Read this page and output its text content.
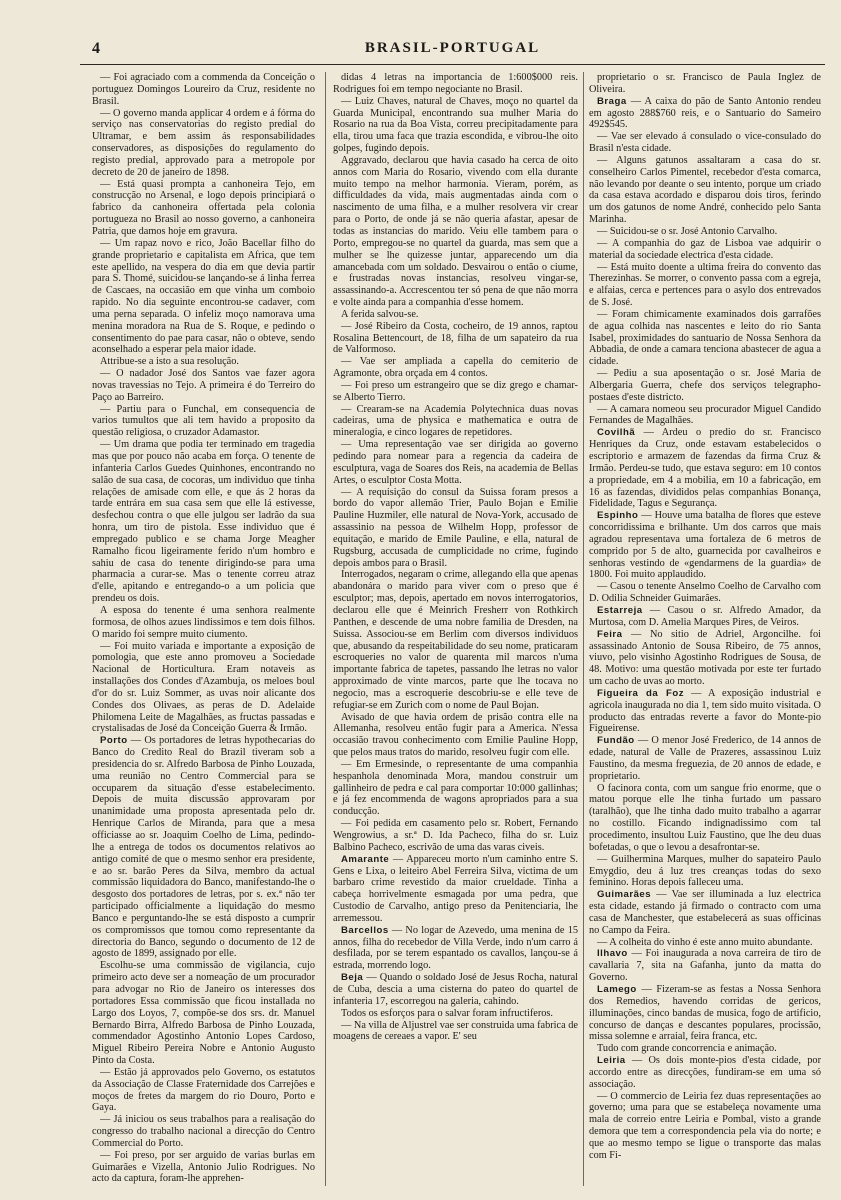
4	BRASIL-PORTUGAL

— Foi agraciado com a commenda da Conceição o portuguez Domingos Loureiro da Cruz, residente no Brasil.

— O governo manda applicar 4 ordem e á fórma do serviço nas conservatorias do registo predial do Ultramar, e bem assim ás responsabilidades conservadores, as disposições do regulamento do registo predial, approvado para a metropole por decreto de 20 de janeiro de 1898.

— Está quasi prompta a canhoneira Tejo, em construcção no Arsenal, e logo depois principiará o fabrico da canhoneira offertada pela colonia portugueza no Brasil ao nosso governo, a canhoneira Patria, que damos hoje em gravura.

— Um rapaz novo e rico, João Bacellar filho do grande proprietario e capitalista em Africa, que tem este apellido, na vespera do dia em que devia partir para S. Thomé, suicidou-se lançando-se á linha ferrea de Cascaes, na occasião em que vinha um comboio rapido. No dia seguinte encontrou-se cadaver, com uma perna separada. O infeliz moço namorava uma menina moradora na Rua de S. Roque, e pedindo o consentimento do pae para casar, não o obteve, sendo aconselhado a esperar pela maior idade.

Attribue-se a isto a sua resolução.

— O nadador José dos Santos vae fazer agora novas travessias no Tejo. A primeira é do Terreiro do Paço ao Barreiro.

— Partiu para o Funchal, em consequencia de varios tumultos que ali tem havido a proposito da questão religiosa, o cruzador Adamastor.

— Um drama que podia ter terminado em tragedia mas que por pouco não acaba em força. O tenente de infanteria Carlos Guedes Quinhones, encontrando no salão de sua casa, de cocoras, um individuo que tinha relações de amisade com elle, e que ás 2 horas da tarde entrára em sua casa sem que elle lá estivesse, desfechou contra o que elle julgou ser ladrão da sua honra, um tiro de pistola. Esse individuo que é empregado publico e se chama Jorge Meagher Ramalho ficou ligeiramente ferido n'um hombro e sahiu de casa do tenente dirigindo-se para uma pharmacia a curar-se. Mas o tenente correu atraz d'elle, apitando e entregando-o a um policia que prendeu os dois.

A esposa do tenente é uma senhora realmente formosa, de olhos azues lindissimos e tem dois filhos. O marido foi sempre muito ciumento.

— Foi muito variada e importante a exposição de pomologia, que este anno promoveu a Sociedade Nacional de Horticultura. Eram notaveis as installações dos Condes d'Azambuja, os meloes boul d'or do sr. Luiz Sommer, as uvas noir alicante dos Condes dos Olivaes, as peras de D. Adelaide Philomena Leite de Magalhães, as fructas passadas e crystalisadas de José da Conceição Guerra & Irmão.

Porto — Os portadores de letras hypothecarias do Banco do Credito Real do Brazil tiveram sob a presidencia do sr. Alfredo Barbosa de Pinho Louzada, uma reunião no Centro Commercial para se occuparem da situação d'esse estabelecimento. Depois de muita discussão approvaram por unanimidade uma proposta apresentada pelo dr. Henrique Carlos de Miranda, para que a mesa officiasse ao sr. Joaquim Coelho de Lima, pedindo-lhe a entrega de todos os documentos relativos ao antigo comité de que o mesmo senhor era presidente, e ao sr. barão Peres da Silva, membro da actual commissão liquidadora do Banco, manifestando-lhe o desgosto dos portadores de letras, por s. ex.ª não ter participado officialmente a liquidação do mesmo Banco e perguntando-lhe se está disposto a cumprir os compromissos que tomou como representante da directoria do Banco, segundo o documento de 12 de agosto de 1899, assignado por elle.

Escolhu-se uma commissão de vigilancia, cujo primeiro acto deve ser a nomeação de um procurador para advogar no Rio de Janeiro os interesses dos portadores Essa commissão que ficou installada no Largo dos Loyos, 7, compõe-se dos srs. dr. Manuel Bernardo Birra, Alfredo Barbosa de Pinho Louzada, commendador Agostinho Antonio Lopes Cardoso, Miguel Ribeiro Pereira Nobre e Antonio Augusto Pinto da Costa.

— Estão já approvados pelo Governo, os estatutos da Associação de Classe Fraternidade dos Carrejões e moços de fretes da margem do rio Douro, Porto e Gaya.

— Já iniciou os seus trabalhos para a realisação do congresso do trabalho nacional a direcção do Centro Commercial do Porto.

— Foi preso, por ser arguido de varias burlas em Guimarães e Vizella, Antonio Julio Rodrigues. No acto da captura, foram-lhe apprehen-

didas 4 letras na importancia de 1:600$000 reis. Rodrigues foi em tempo negociante no Brasil.

— Luiz Chaves, natural de Chaves, moço no quartel da Guarda Municipal, encontrando sua mulher Maria do Rosario na rua da Boa Vista, correu precipitadamente para ella, tirou uma faca que trazia escondida, e vibrou-lhe oito golpes, fugindo depois.

Aggravado, declarou que havia casado ha cerca de oito annos com Maria do Rosario, vivendo com ella durante muito tempo na melhor harmonia. Vieram, porém, as difficuldades da vida, mais augmentadas ainda com o nascimento de uma filha, e a mulher resolvera vir crear para o Porto, de onde já se não queria afastar, apesar de todas as instancias do marido. Veiu elle tambem para o Porto, empregou-se no quartel da guarda, mas sem que a mulher se lhe quizesse juntar, apparecendo um dia amancebada com um soldado. Desvairou o então o ciume, e frustradas novas instancias, resolveu vingar-se, assassinando-a. Accrescentou ter só pena de que não morra e volte ainda para a companhia d'esse homem.

A ferida salvou-se.

— José Ribeiro da Costa, cocheiro, de 19 annos, raptou Rosalina Bettencourt, de 18, filha de um sapateiro da rua de Valformoso.

— Vae ser ampliada a capella do cemiterio de Agramonte, obra orçada em 4 contos.

— Foi preso um estrangeiro que se diz grego e chamar-se Alberto Tierro.

— Crearam-se na Academia Polytechnica duas novas cadeiras, uma de physica e mathematica e outra de mineralogia, e cinco logares de repetidores.

— Uma representação vae ser dirigida ao governo pedindo para nomear para a regencia da cadeira de esculptura, vaga de Soares dos Reis, na academia de Bellas Artes, o esculptor Costa Motta.

— A requisição do consul da Suissa foram presos a bordo do vapor allemão Trier, Paulo Bojan e Emilie Pauline Huzmiler, elle natural de Nova-York, accusado de assassinio na pessoa de Wilhelm Hopp, professor de equitação, e marido de Emile Pauline, e ella, natural de Rugsburg, accusada de cumplicidade no crime, fugindo depois ambos para o Brasil.

Interrogados, negaram o crime, allegando ella que apenas abandonára o marido para viver com o preso que é esculptor; mas, depois, apertado em novos interrogatorios, declarou elle que é Meinrich Fresherr von Rothkirch Panthen, e descende de uma nobre familia de Dresden, na Suissa. Associou-se em Berlim com diversos individuos que, abusando da respeitabilidade do seu nome, praticaram escroqueries no valor de quarenta mil marcos n'uma importante fabrica de tapetes, passando lhe letras no valor approximado de vinte marcos, parte que lhe tocava no negocio, mas a escroquerie descobriu-se e elle teve de refugiar-se em Zurich com o nome de Paul Bojan.

Avisado de que havia ordem de prisão contra elle na Allemanha, resolveu então fugir para a America. N'essa occasião travou conhecimento com Emilie Pauline Hopp, que pelos maus tratos do marido, resolveu fugir com elle.

— Em Ermesinde, o representante de uma companhia hespanhola denominada Mora, mandou construir um gallinheiro de pedra e cal para comportar 10:000 gallinhas; e já fez encommenda de wagons apropriados para a sua conducção.

— Foi pedida em casamento pelo sr. Robert, Fernando Wengrowius, a sr.ª D. Ida Pacheco, filha do sr. Luiz Balbino Pacheco, escrivão de uma das varas civeis.

Amarante — Appareceu morto n'um caminho entre S. Gens e Lixa, o leiteiro Abel Ferreira Silva, victima de um barbaro crime revestido da maior crueldade. Tinha a cabeça horrivelmente esmagada por uma pedra, que Custodio de Carvalho, antigo preso da Penitenciaria, lhe arremessou.

Barcellos — No logar de Azevedo, uma menina de 15 annos, filha do recebedor de Villa Verde, indo n'um carro á desfilada, por se terem espantado os cavallos, lançou-se á estrada, morrendo logo.

Beja — Quando o soldado José de Jesus Rocha, natural de Cuba, descia a uma cisterna do pateo do quartel de infanteria 17, escorregou na galeria, cahindo.

Todos os esforços para o salvar foram infructiferos.

— Na villa de Aljustrel vae ser construida uma fabrica de moagens de cereaes a vapor. E' seu

proprietario o sr. Francisco de Paula Inglez de Oliveira.

Braga — A caixa do pão de Santo Antonio rendeu em agosto 288$760 reis, e o Santuario do Sameiro 492$545.

— Vae ser elevado á consulado o vice-consulado do Brasil n'esta cidade.

— Alguns gatunos assaltaram a casa do sr. conselheiro Carlos Pimentel, recebedor d'esta comarca, não levando por deante o seu intento, porque um criado da casa estava acordado e disparou dois tiros, ferindo um dos gatunos de nome André, conhecido pelo Santa Marinha.

— Suicidou-se o sr. José Antonio Carvalho.

— A companhia do gaz de Lisboa vae adquirir o material da sociedade electrica d'esta cidade.

— Está muito doente a ultima freira do convento das Therezinhas. Se morrer, o convento passa com a egreja, e alfaias, cerca e pertences para o asylo dos entrevados de S. José.

— Foram chimicamente examinados dois garrafões de agua colhida nas nascentes e leito do rio Santa Isabel, proximidades do santuario de Nossa Senhora da Abbadia, de onde a camara tenciona abastecer de agua a cidade.

— Pediu a sua aposentação o sr. José Maria de Albergaria Guerra, chefe dos serviços telegrapho-postaes d'este districto.

— A camara nomeou seu procurador Miguel Candido Fernandes de Magalhães.

Covilhã — Ardeu o predio do sr. Francisco Henriques da Cruz, onde estavam estabelecidos o escriptorio e armazem de fazendas da firma Cruz & Irmão. Perdeu-se tudo, que estava seguro: em 10 contos a propriedade, em 4 a mobilia, em 10 a fabricação, em 16 as fazendas, divididos pelas companhias Bonança, Fidelidade, Tagus e Segurança.

Espinho — Houve uma batalha de flores que esteve concorridissima e brilhante. Um dos carros que mais agradou representava uma fortaleza de 6 metros de comprido por 5 de alto, guarnecida por cavalheiros e senhoras vestindo de «gendarmens de la guardia» de 1800. Foi muito applaudido.

— Casou o tenente Anselmo Coelho de Carvalho com D. Odilia Schneider Guimarães.

Estarreja — Casou o sr. Alfredo Amador, da Murtosa, com D. Amelia Marques Pires, de Veiros.

Feira — No sitio de Adriel, Argoncilhe. foi assassinado Antonio de Sousa Ribeiro, de 75 annos, viuvo, pelo visinho Agostinho Rodrigues de Sousa, de 48. Motivo: uma questão motivada por este ter furtado um cacho de uvas ao morto.

Figueira da Foz — A exposição industrial e agricola inaugurada no dia 1, tem sido muito visitada. O producto das entradas reverte a favor do Monte-pio Figueirense.

Fundão — O menor José Frederico, de 14 annos de edade, natural de Valle de Prazeres, assassinou Luiz Faustino, da mesma freguezia, de 20 annos de edade, e proprietario.

O facinora conta, com um sangue frio enorme, que o matou porque elle lhe tinha furtado um passaro (taralhão), que lhe tinha dado muito trabalho a agarrar no costillo. Ficando indignadissimo com tal procedimento, insultou Luiz Faustino, que lhe deu duas bofetadas, o que o levou a desafrontar-se.

— Guilhermina Marques, mulher do sapateiro Paulo Emygdio, deu á luz tres creanças todas do sexo feminino. Horas depois falleceu uma.

Guimarães — Vae ser illuminada a luz electrica esta cidade, estando já firmado o contracto com uma casa de Manchester, que estabelecerá as suas officinas no Campo da Feira.

— A colheita do vinho é este anno muito abundante.

Ilhavo — Foi inaugurada a nova carreira de tiro de cavallaria 7, sita na Gafanha, junto da matta do Governo.

Lamego — Fizeram-se as festas a Nossa Senhora dos Remedios, havendo corridas de gericos, illuminações, cinco bandas de musica, fogo de artificio, concurso de danças e descantes populares, procissão, missa solemne e arraial, feira franca, etc.

Tudo com grande concorrencia e animação.

Leiria — Os dois monte-pios d'esta cidade, por accordo entre as direcções, fundiram-se em uma só associação.

— O commercio de Leiria fez duas representações ao governo; uma para que se estabeleça novamente uma mala de correio entre Leiria e Pombal, visto a grande demora que tem a correspondencia pela via do norte; e que ao mesmo tempo se ligue o transporte das malas com Fi-
